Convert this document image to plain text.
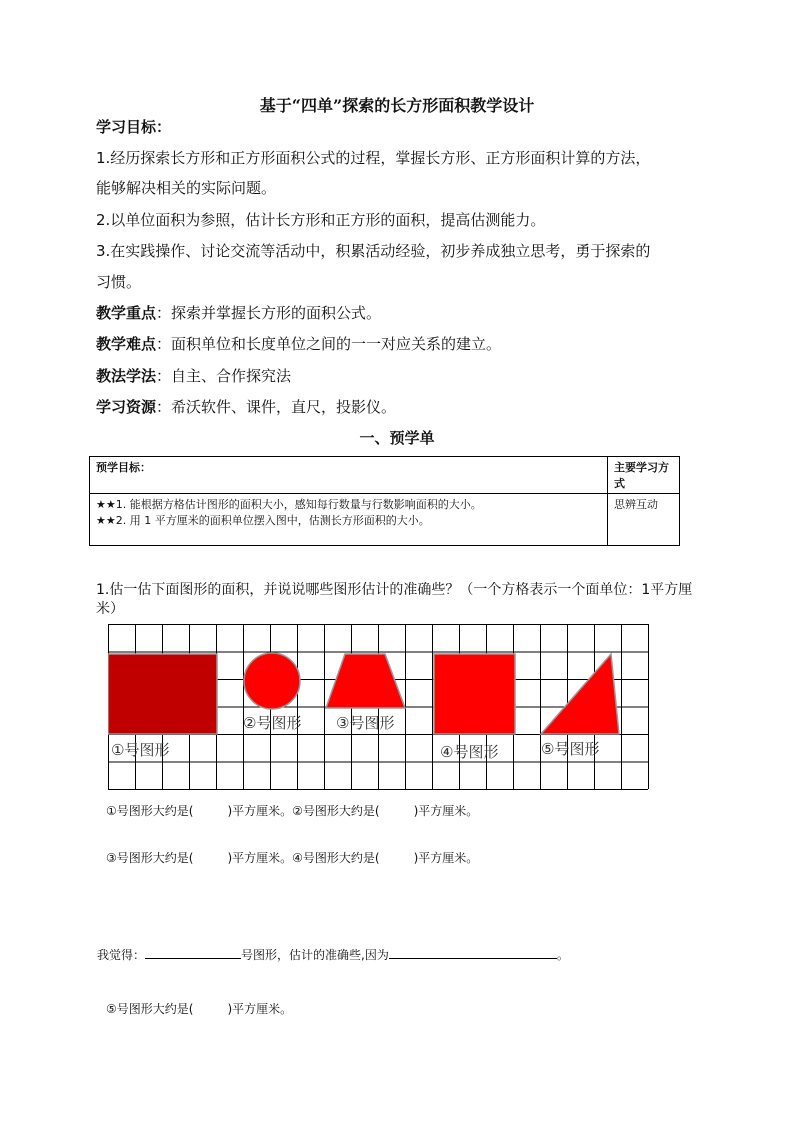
基于“四单”探索的长方形面积教学设计
学习目标：
1.经历探索长方形和正方形面积公式的过程，掌握长方形、正方形面积计算的方法，
能够解决相关的实际问题。
2.以单位面积为参照，估计长方形和正方形的面积，提高估测能力。
3.在实践操作、讨论交流等活动中，积累活动经验，初步养成独立思考，勇于探索的
习惯。
教学重点：探索并掌握长方形的面积公式。
教学难点：面积单位和长度单位之间的一一对应关系的建立。
教法学法：自主、合作探究法
学习资源：希沃软件、课件，直尺，投影仪。
一、预学单
预学目标：	主要学习方式

★★1. 能根据方格估计图形的面积大小，感知每行数量与行数影响面积的大小。
★★2. 用 1 平方厘米的面积单位摆入图中，估测长方形面积的大小。	思辨互动
1.估一估下面图形的面积，并说说哪些图形估计的准确些？（一个方格表示一个面单位：1平方厘米）
①号图形
②号图形 ③号图形
④号图形	⑤号图形
①号图形大约是(	)平方厘米。②号图形大约是(	)平方厘米。
③号图形大约是(	)平方厘米。④号图形大约是(	)平方厘米。
我觉得：	号图形，估计的准确些,因为	。
⑤号图形大约是(	)平方厘米。
